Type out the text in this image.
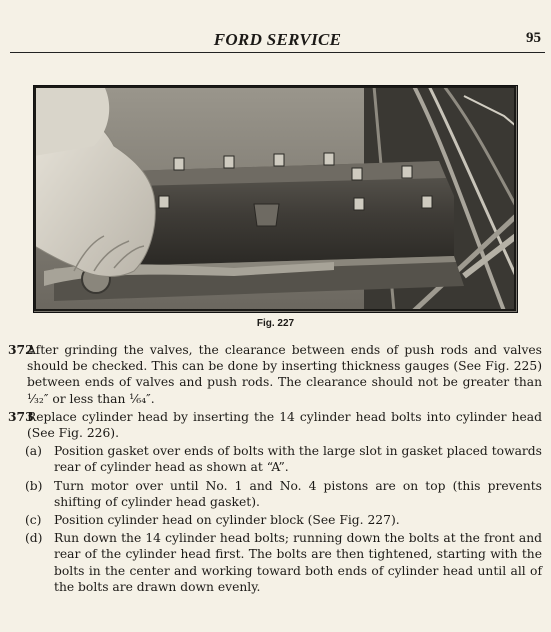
FORD SERVICE	95
Fig. 227

372
After grinding the valves, the clearance between ends of push rods and valves should be checked. This can be done by inserting thickness gauges (See Fig. 225) between ends of valves and push rods. The clearance should not be greater than ¹⁄₃₂″ or less than ¹⁄₆₄″.

373
Replace cylinder head by inserting the 14 cylinder head bolts into cylinder head (See Fig. 226).

(a) Position gasket over ends of bolts with the large slot in gasket placed towards rear of cylinder head as shown at “A”.

(b) Turn motor over until No. 1 and No. 4 pistons are on top (this prevents shifting of cylinder head gasket).

(c) Position cylinder head on cylinder block (See Fig. 227).

(d) Run down the 14 cylinder head bolts; running down the bolts at the front and rear of the cylinder head first. The bolts are then tightened, starting with the bolts in the center and working toward both ends of cylinder head until all of the bolts are drawn down evenly.
